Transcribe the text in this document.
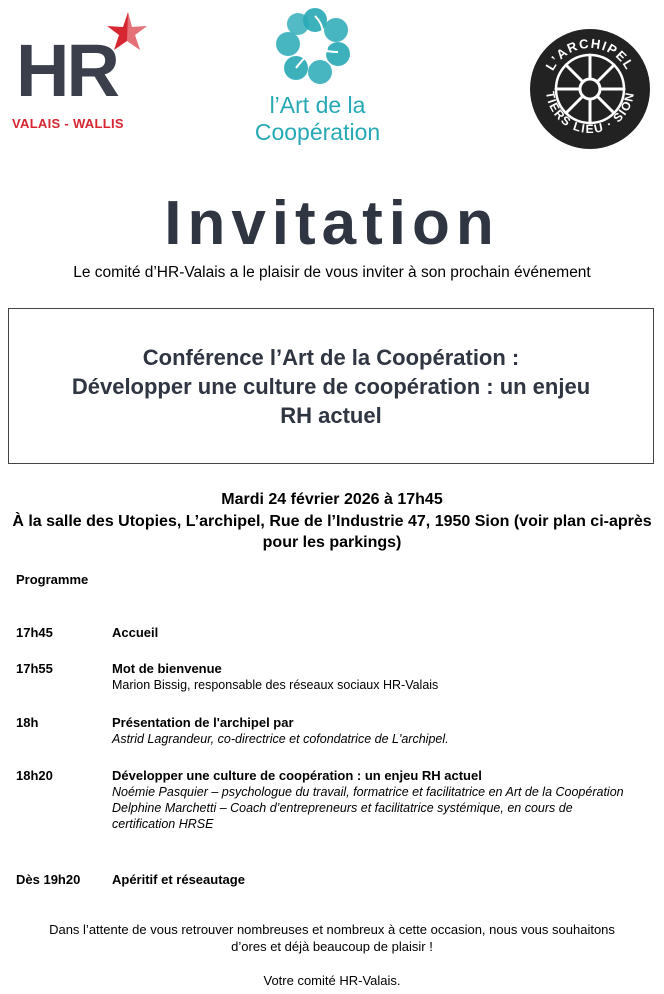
HR
VALAIS - WALLIS
l’Art de la
Coopération
L’ARCHIPEL
TIERS LIEU · SION
Invitation
Le comité d’HR-Valais a le plaisir de vous inviter à son prochain événement
Conférence l’Art de la Coopération :
Développer une culture de coopération : un enjeu
RH actuel
Mardi 24 février 2026 à 17h45
À la salle des Utopies, L’archipel, Rue de l’Industrie 47, 1950 Sion (voir plan ci-après pour les parkings)
Programme
17h45	Accueil
17h55	Mot de bienvenue
Marion Bissig, responsable des réseaux sociaux HR-Valais
18h	Présentation de l'archipel par
Astrid Lagrandeur, co-directrice et cofondatrice de L'archipel.
18h20	Développer une culture de coopération : un enjeu RH actuel
Noémie Pasquier – psychologue du travail, formatrice et facilitatrice en Art de la Coopération
Delphine Marchetti – Coach d’entrepreneurs et facilitatrice systémique, en cours de certification HRSE
Dès 19h20 Apéritif et réseautage
Dans l’attente de vous retrouver nombreuses et nombreux à cette occasion, nous vous souhaitons d’ores et déjà beaucoup de plaisir !
Votre comité HR-Valais.
